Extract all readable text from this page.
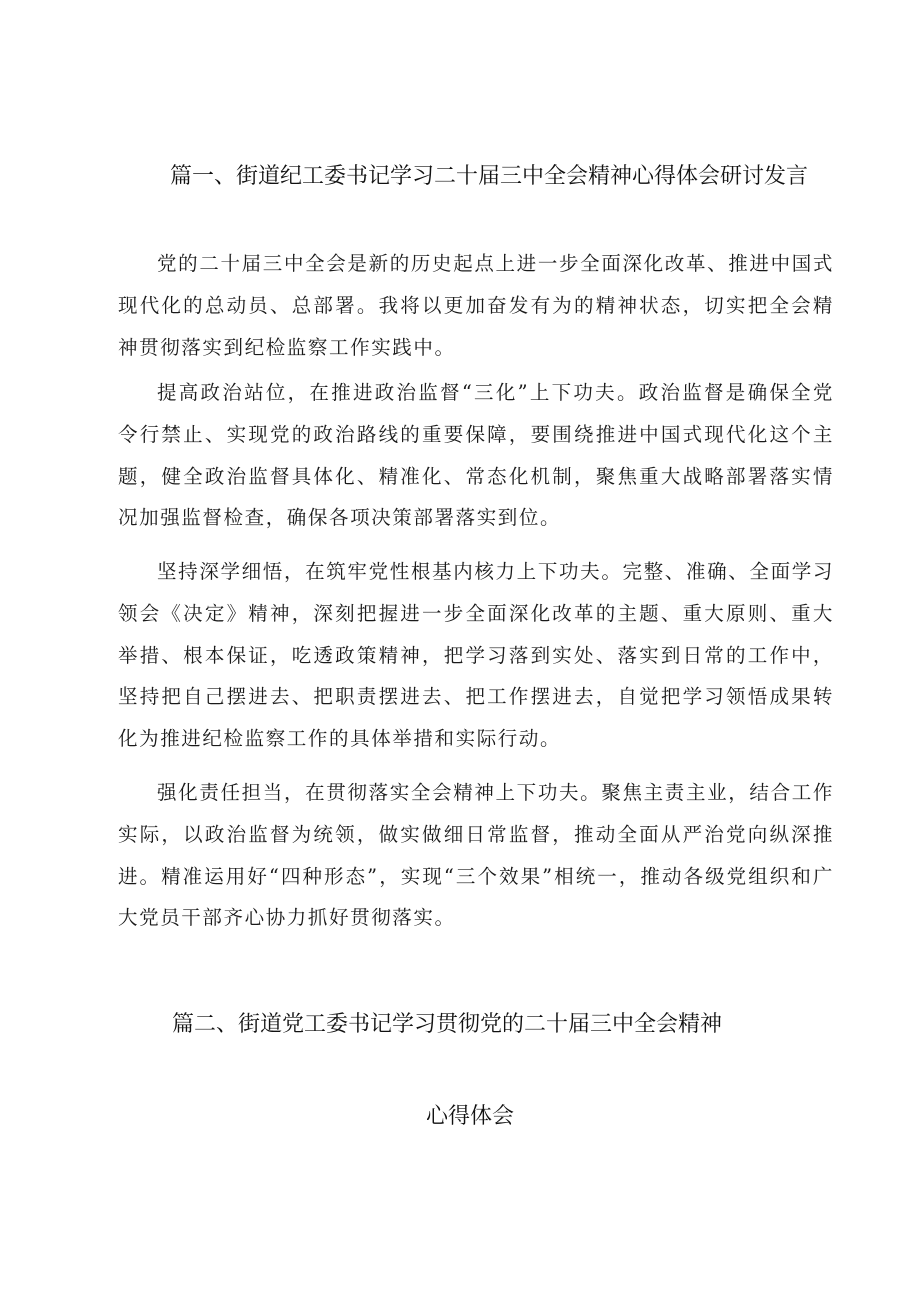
篇一、街道纪工委书记学习二十届三中全会精神心得体会研讨发言

党的二十届三中全会是新的历史起点上进一步全面深化改革、推进中国式现代化的总动员、总部署。我将以更加奋发有为的精神状态，切实把全会精神贯彻落实到纪检监察工作实践中。

提高政治站位，在推进政治监督“三化”上下功夫。政治监督是确保全党令行禁止、实现党的政治路线的重要保障，要围绕推进中国式现代化这个主题，健全政治监督具体化、精准化、常态化机制，聚焦重大战略部署落实情况加强监督检查，确保各项决策部署落实到位。

坚持深学细悟，在筑牢党性根基内核力上下功夫。完整、准确、全面学习领会《决定》精神，深刻把握进一步全面深化改革的主题、重大原则、重大举措、根本保证，吃透政策精神，把学习落到实处、落实到日常的工作中，坚持把自己摆进去、把职责摆进去、把工作摆进去，自觉把学习领悟成果转化为推进纪检监察工作的具体举措和实际行动。

强化责任担当，在贯彻落实全会精神上下功夫。聚焦主责主业，结合工作实际，以政治监督为统领，做实做细日常监督，推动全面从严治党向纵深推进。精准运用好“四种形态”，实现“三个效果”相统一，推动各级党组织和广大党员干部齐心协力抓好贯彻落实。

篇二、街道党工委书记学习贯彻党的二十届三中全会精神
心得体会
